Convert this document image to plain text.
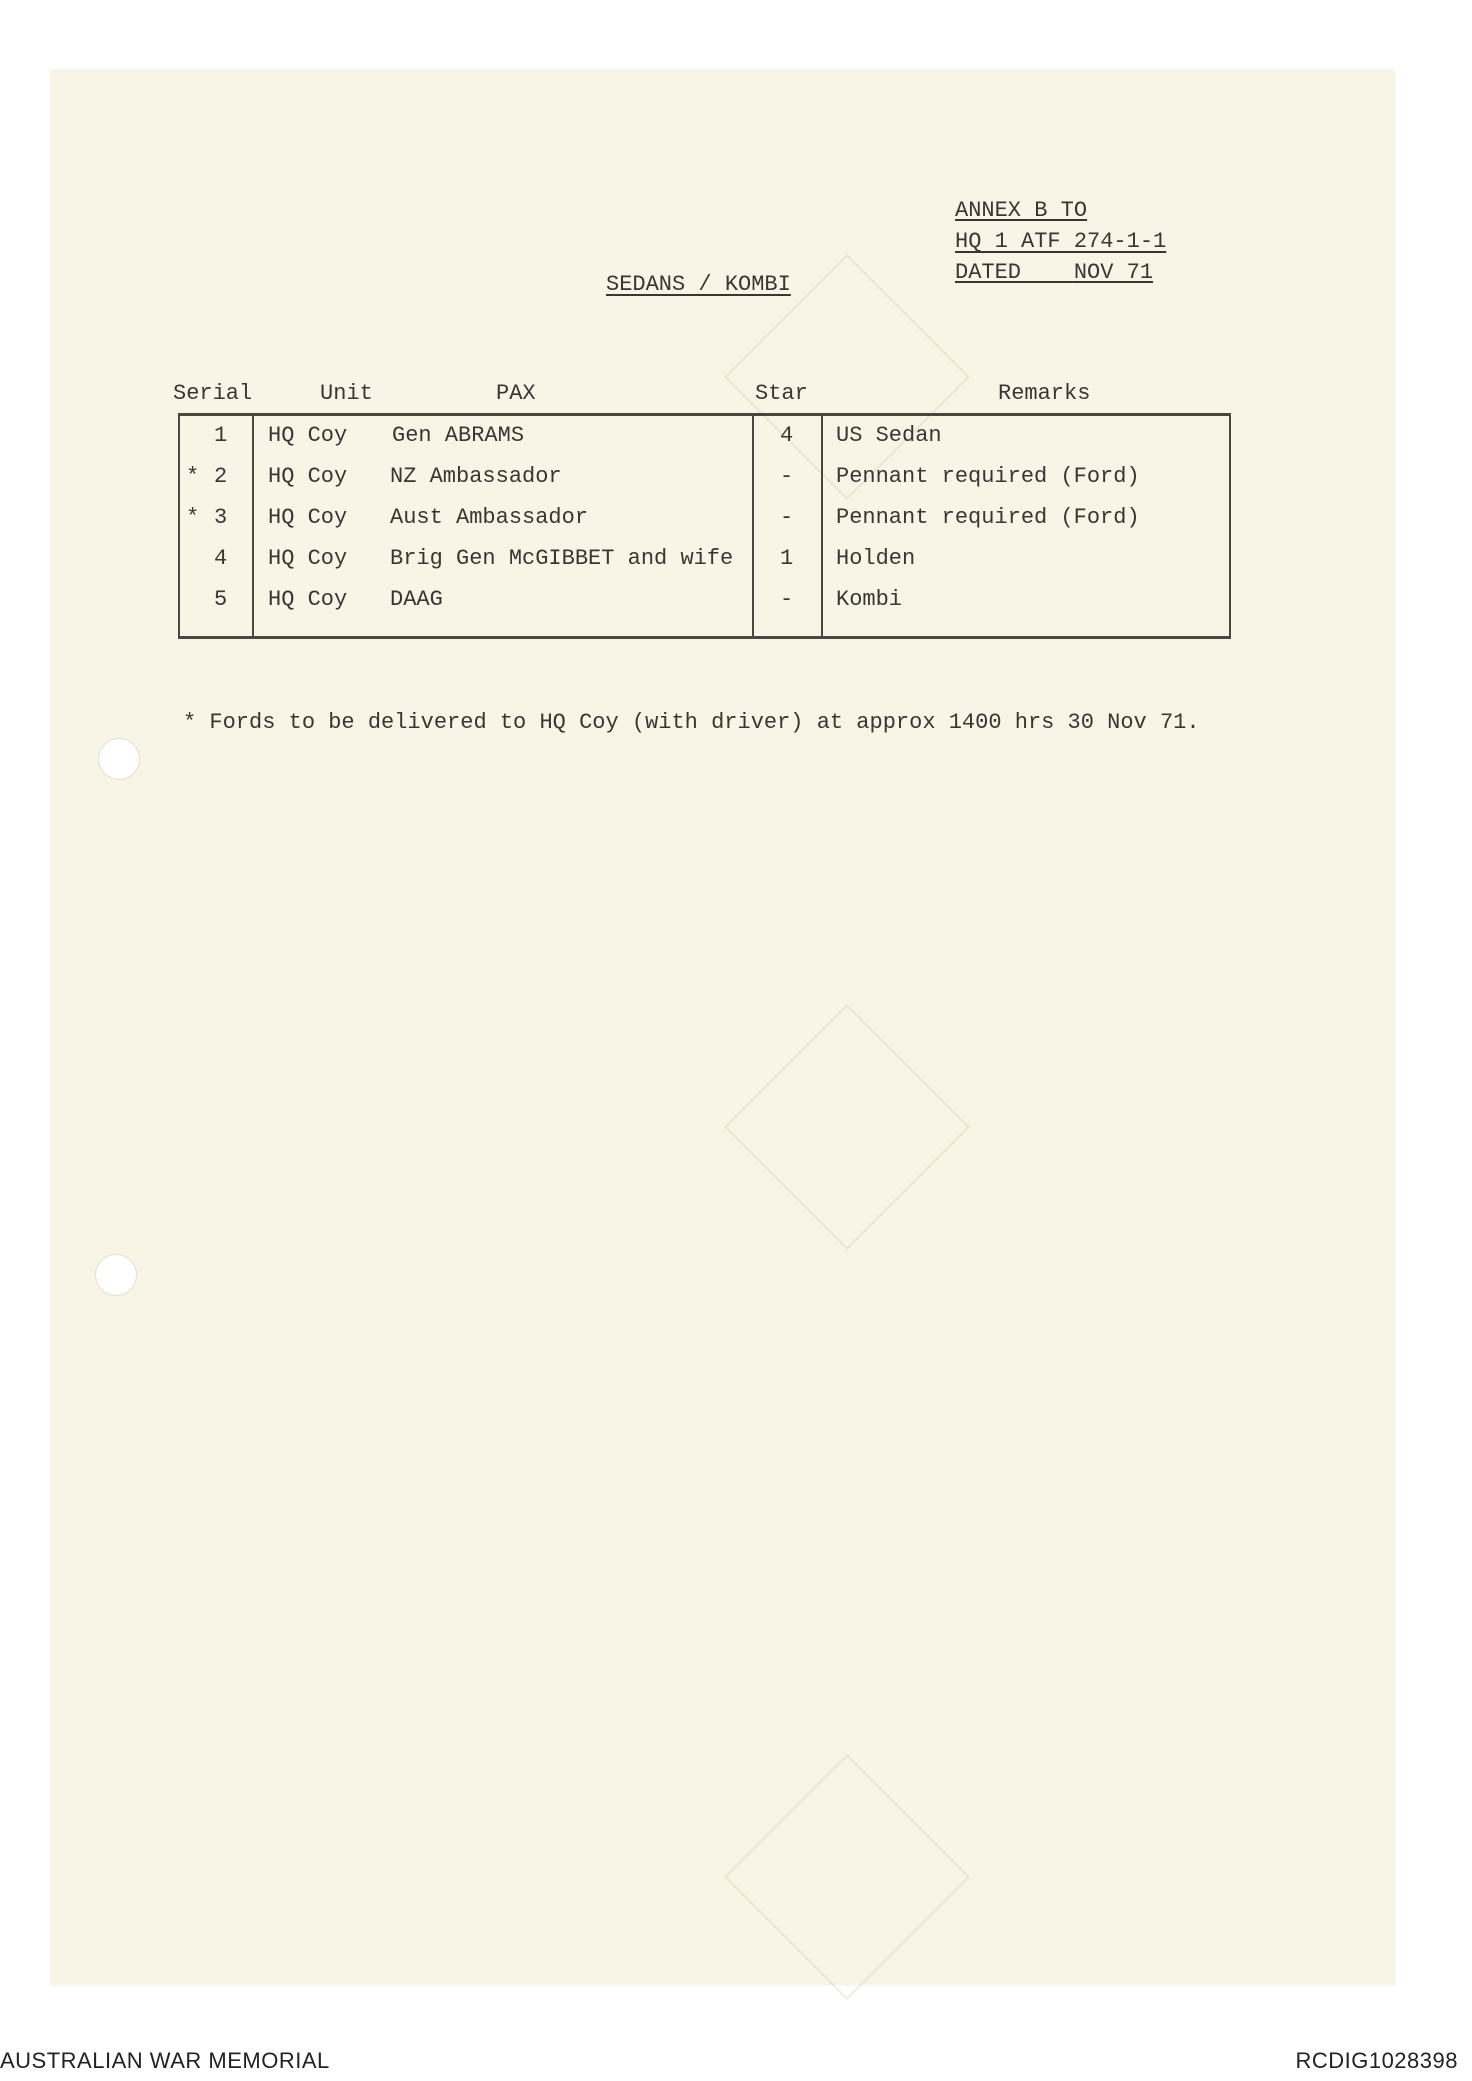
ANNEX B TO
HQ 1 ATF 274-1-1
DATED NOV 71
SEDANS / KOMBI
Serial	Unit	PAX	Star	Remarks
1 HQ Coy Gen ABRAMS	4 US Sedan
* 2 HQ Coy NZ Ambassador	- Pennant required (Ford)
* 3 HQ Coy Aust Ambassador	- Pennant required (Ford)
4 HQ Coy Brig Gen McGIBBET and wife 1 Holden
5 HQ Coy DAAG	- Kombi
* Fords to be delivered to HQ Coy (with driver) at approx 1400 hrs 30 Nov 71.
AUSTRALIAN WAR MEMORIAL	RCDIG1028398
